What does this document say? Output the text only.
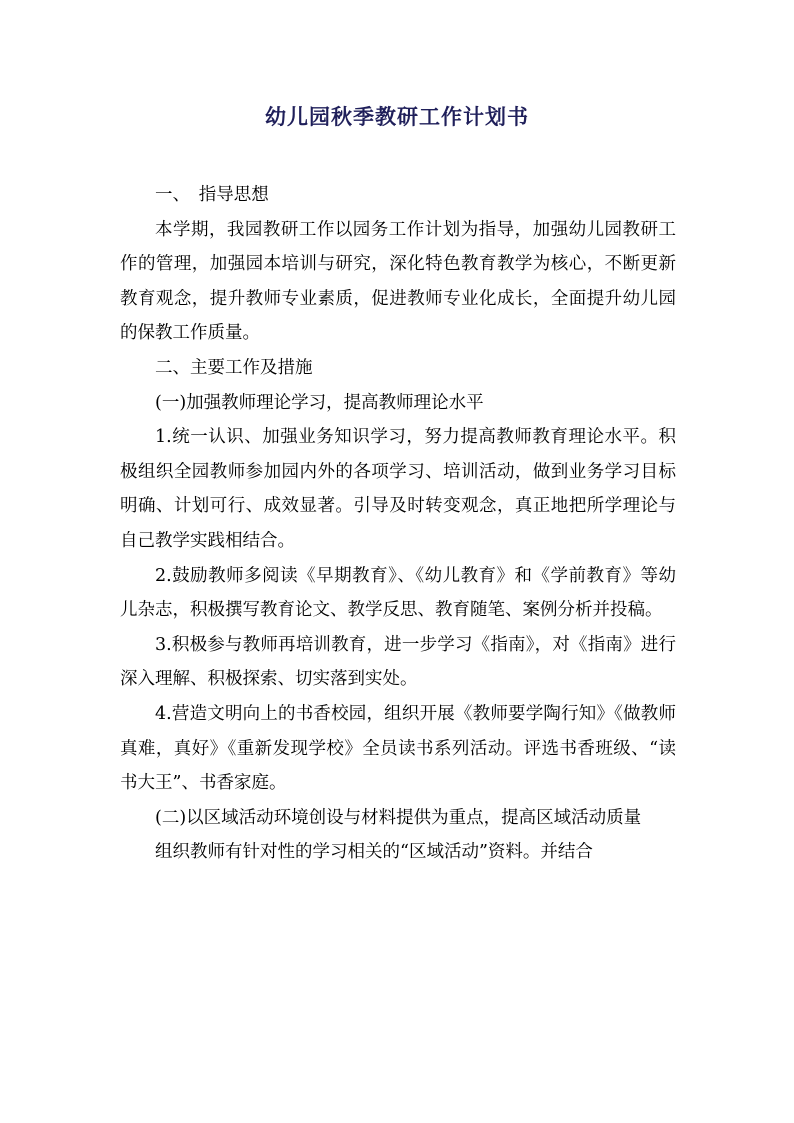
幼儿园秋季教研工作计划书

一、　指导思想

本学期，我园教研工作以园务工作计划为指导，加强幼儿园教研工作的管理，加强园本培训与研究，深化特色教育教学为核心，不断更新教育观念，提升教师专业素质，促进教师专业化成长，全面提升幼儿园的保教工作质量。

二、主要工作及措施

(一)加强教师理论学习，提高教师理论水平

1.统一认识、加强业务知识学习，努力提高教师教育理论水平。积极组织全园教师参加园内外的各项学习、培训活动，做到业务学习目标明确、计划可行、成效显著。引导及时转变观念，真正地把所学理论与自己教学实践相结合。

2.鼓励教师多阅读《早期教育》、《幼儿教育》和《学前教育》等幼儿杂志，积极撰写教育论文、教学反思、教育随笔、案例分析并投稿。

3.积极参与教师再培训教育，进一步学习《指南》，对《指南》进行深入理解、积极探索、切实落到实处。

4.营造文明向上的书香校园，组织开展《教师要学陶行知》《做教师真难，真好》《重新发现学校》全员读书系列活动。评选书香班级、“读书大王”、书香家庭。

(二)以区域活动环境创设与材料提供为重点，提高区域活动质量

组织教师有针对性的学习相关的“区域活动”资料。并结合
